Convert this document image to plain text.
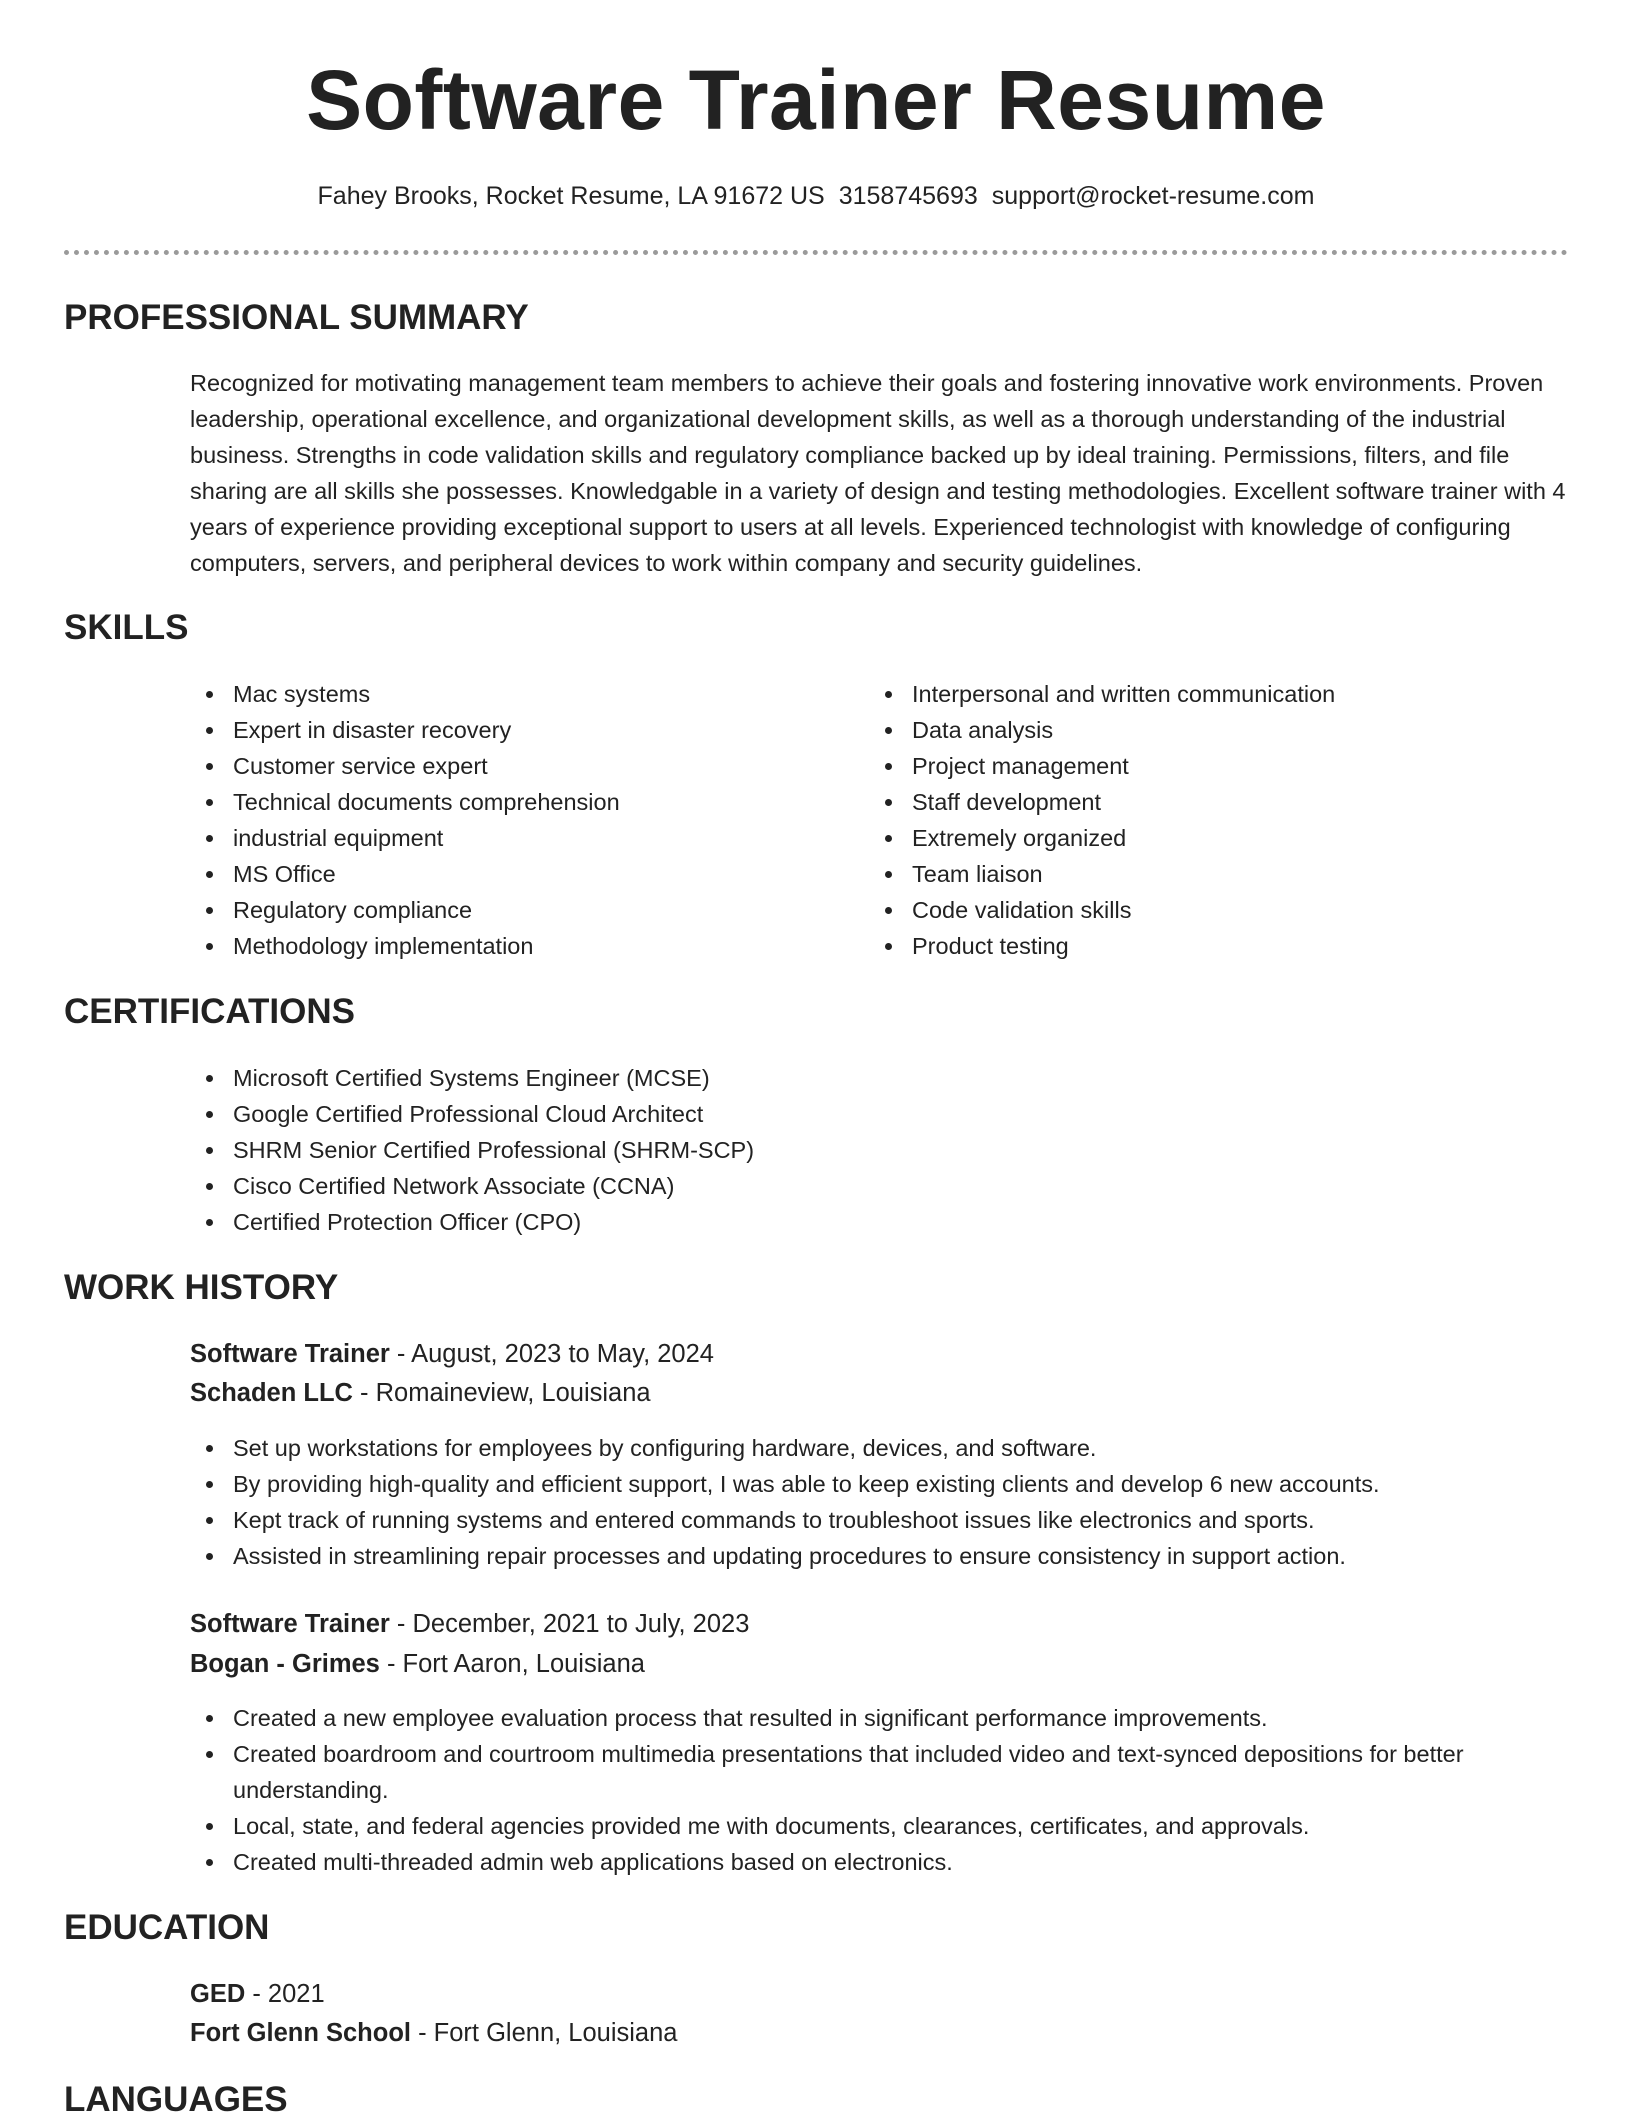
Software Trainer Resume
Fahey Brooks, Rocket Resume, LA 91672 US 3158745693 support@rocket-resume.com
PROFESSIONAL SUMMARY

Recognized for motivating management team members to achieve their goals and fostering innovative work environments. Proven leadership, operational excellence, and organizational development skills, as well as a thorough understanding of the industrial business. Strengths in code validation skills and regulatory compliance backed up by ideal training. Permissions, filters, and file sharing are all skills she possesses. Knowledgable in a variety of design and testing methodologies. Excellent software trainer with 4 years of experience providing exceptional support to users at all levels. Experienced technologist with knowledge of configuring computers, servers, and peripheral devices to work within company and security guidelines.

SKILLS
Mac systems
Expert in disaster recovery
Customer service expert
Technical documents comprehension
industrial equipment
MS Office
Regulatory compliance
Methodology implementation
Interpersonal and written communication
Data analysis
Project management
Staff development
Extremely organized
Team liaison
Code validation skills
Product testing
CERTIFICATIONS
Microsoft Certified Systems Engineer (MCSE)
Google Certified Professional Cloud Architect
SHRM Senior Certified Professional (SHRM-SCP)
Cisco Certified Network Associate (CCNA)
Certified Protection Officer (CPO)
WORK HISTORY
Software Trainer - August, 2023 to May, 2024
Schaden LLC - Romaineview, Louisiana
Set up workstations for employees by configuring hardware, devices, and software.
By providing high-quality and efficient support, I was able to keep existing clients and develop 6 new accounts.
Kept track of running systems and entered commands to troubleshoot issues like electronics and sports.
Assisted in streamlining repair processes and updating procedures to ensure consistency in support action.
Software Trainer - December, 2021 to July, 2023
Bogan - Grimes - Fort Aaron, Louisiana
Created a new employee evaluation process that resulted in significant performance improvements.
Created boardroom and courtroom multimedia presentations that included video and text-synced depositions for better understanding.
Local, state, and federal agencies provided me with documents, clearances, certificates, and approvals.
Created multi-threaded admin web applications based on electronics.
EDUCATION
GED - 2021
Fort Glenn School - Fort Glenn, Louisiana
LANGUAGES
